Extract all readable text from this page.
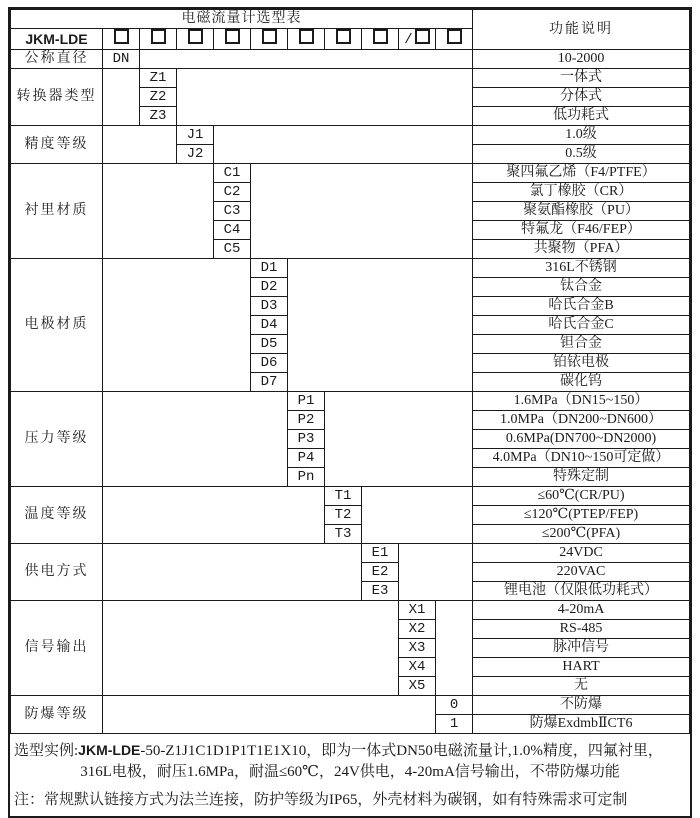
电磁流量计选型表											功能说明
JKM-LDE									/		
公称直径	DN										10-2000
转换器类型		Z1									一体式
		Z2									分体式
		Z3									低功耗式
精度等级			J1								1.0级
			J2								0.5级
衬里材质				C1							聚四氟乙烯（F4/PTFE）
				C2							氯丁橡胶（CR）
				C3							聚氨酯橡胶（PU）
				C4							特氟龙（F46/FEP）
				C5							共聚物（PFA）
电极材质					D1						316L不锈钢
					D2						钛合金
					D3						哈氏合金B
					D4						哈氏合金C
					D5						钽合金
					D6						铂铱电极
					D7						碳化钨
压力等级						P1					1.6MPa（DN15~150）
						P2					1.0MPa（DN200~DN600）
						P3					0.6MPa(DN700~DN2000)
						P4					4.0MPa（DN10~150可定做）
						Pn					特殊定制
温度等级							T1				≤60℃(CR/PU)
							T2				≤120℃(PTEP/FEP)
							T3				≤200℃(PFA)
供电方式								E1			24VDC
								E2			220VAC
								E3			锂电池（仅限低功耗式）
信号输出									X1		4-20mA
									X2		RS-485
									X3		脉冲信号
									X4		HART
									X5		无
防爆等级										0	不防爆
										1	防爆ExdmbⅡCT6
选型实例:JKM-LDE-50-Z1J1C1D1P1T1E1X10，即为一体式DN50电磁流量计,1.0%精度，四氟衬里，
316L电极，耐压1.6MPa，耐温≤60℃，24V供电，4-20mA信号输出，不带防爆功能
注：常规默认链接方式为法兰连接，防护等级为IP65，外壳材料为碳钢，如有特殊需求可定制
